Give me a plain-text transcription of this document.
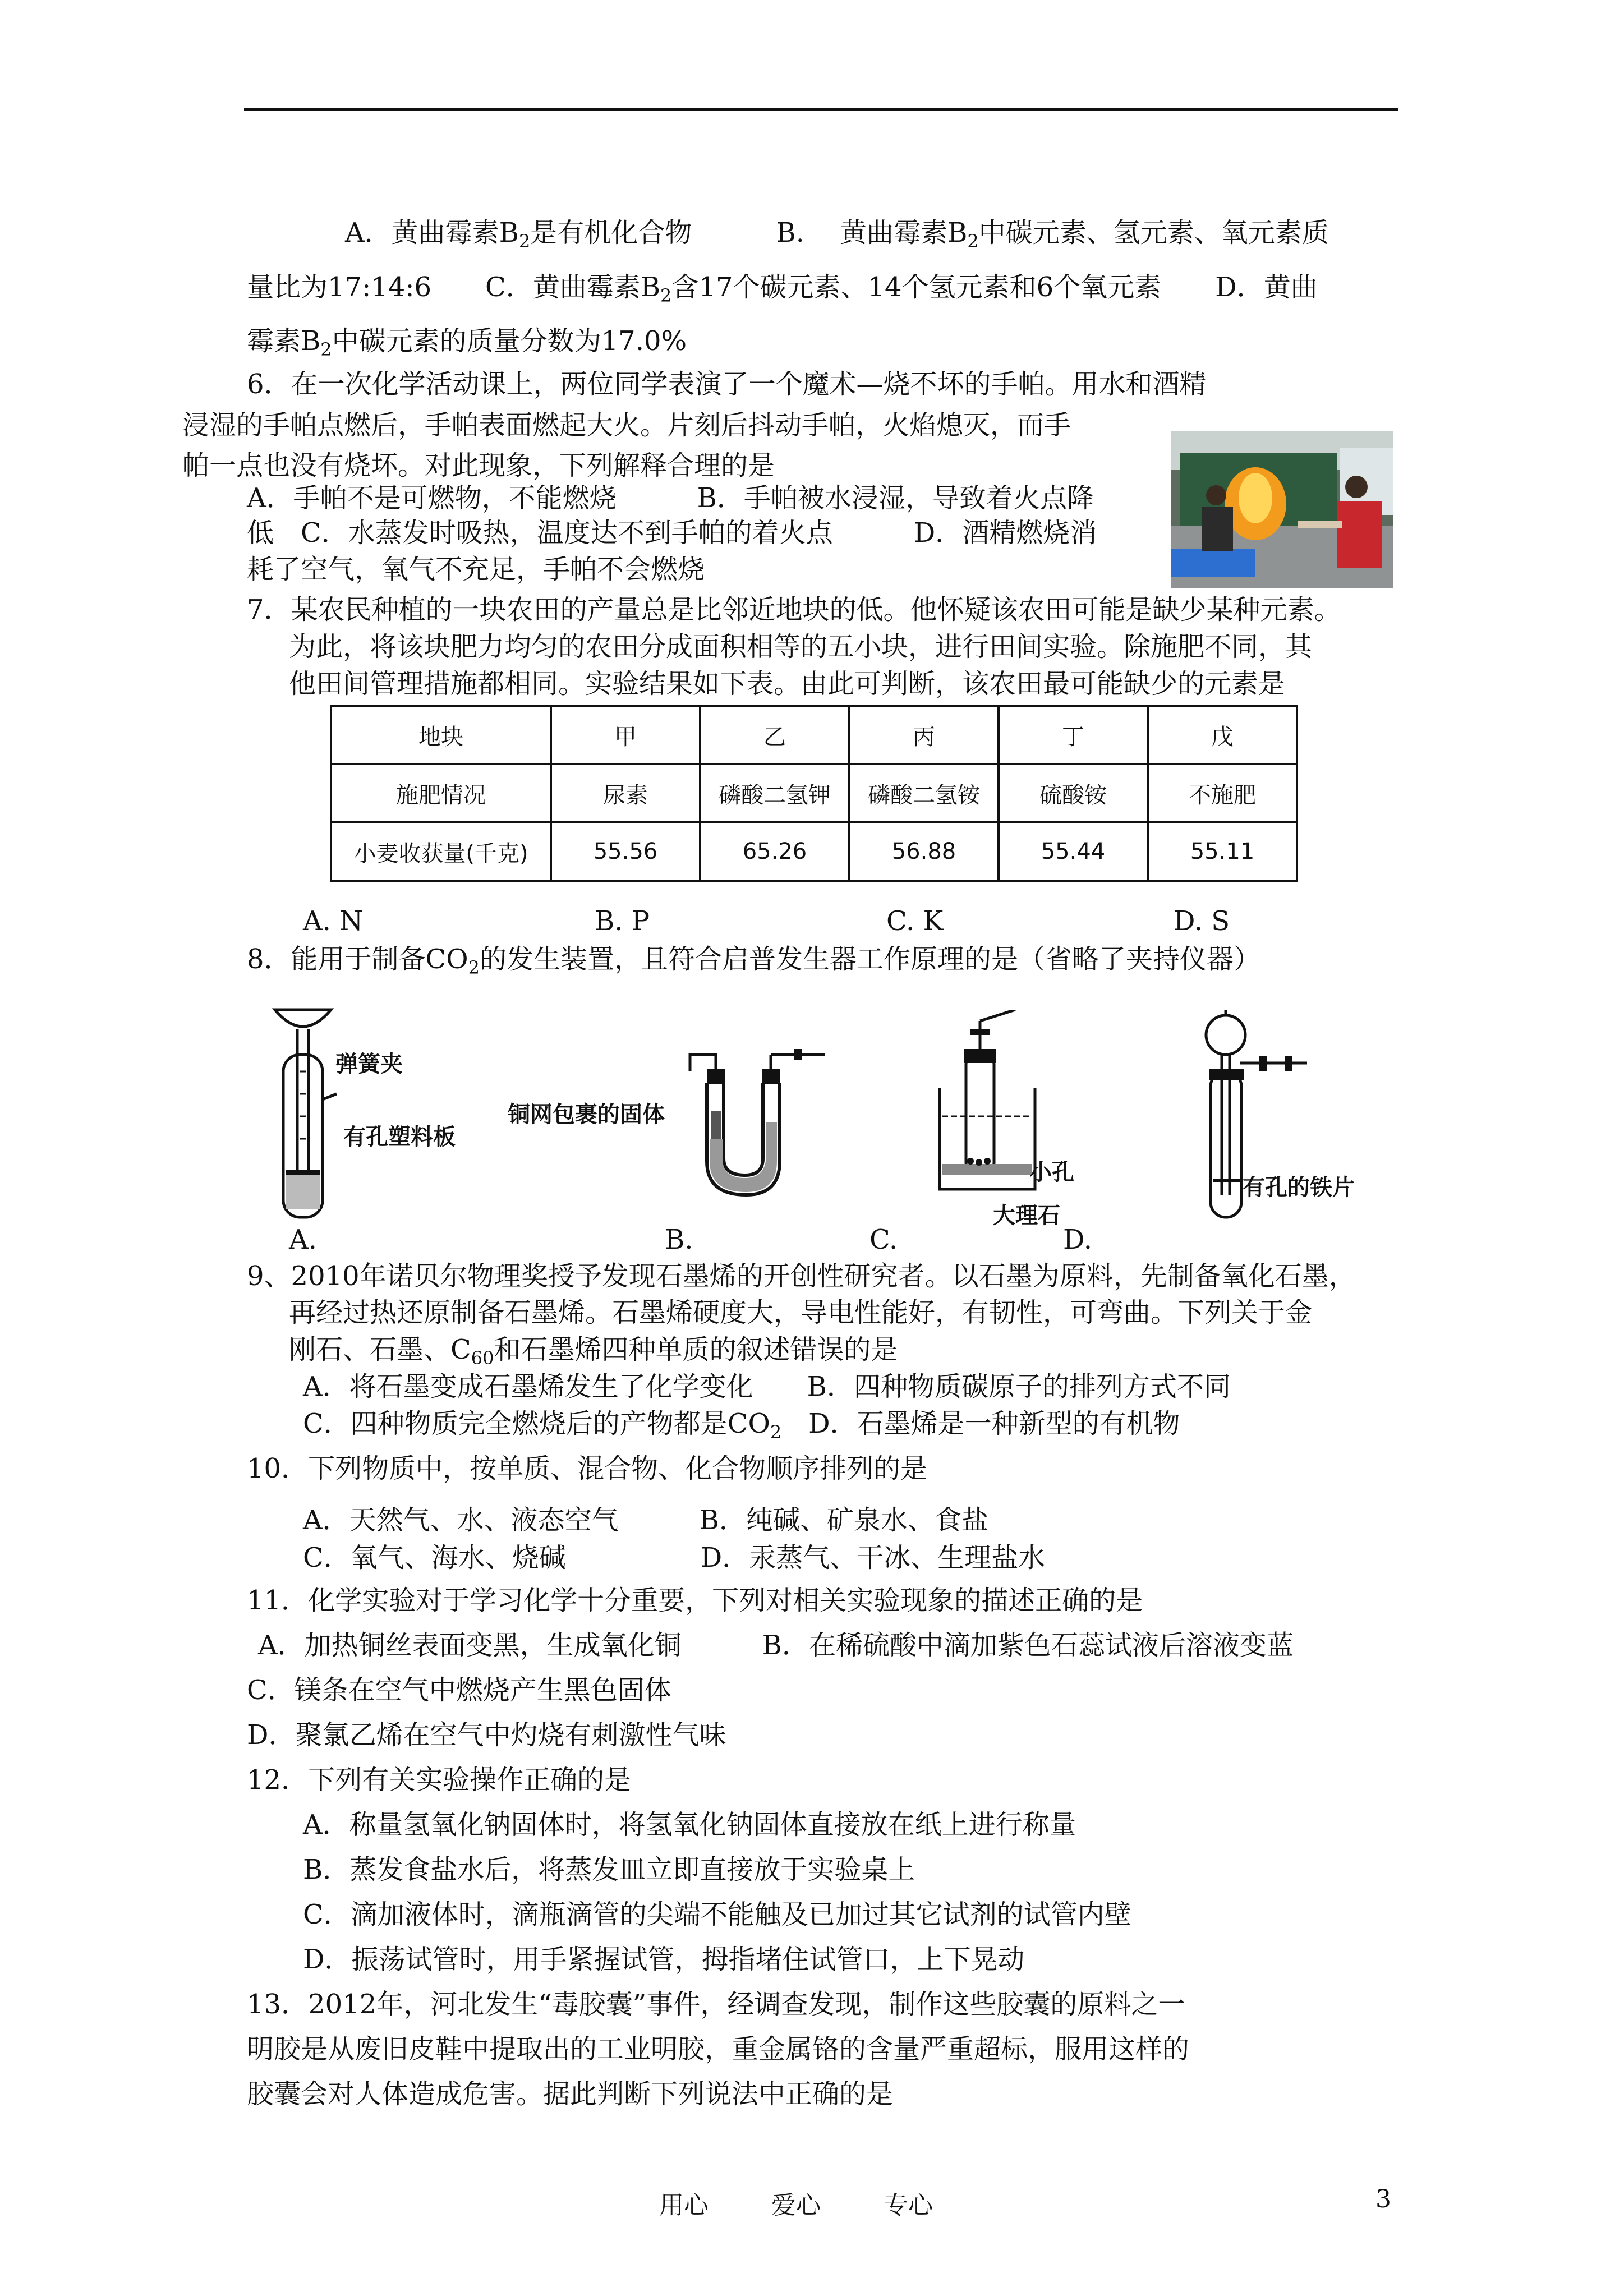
A．黄曲霉素$B_2$是有机化合物	B.　 黄曲霉素$B_2$中碳元素、氢元素、氧元素质
量比为17:14:6　　C．黄曲霉素$B_2$含17个碳元素、14个氢元素和6个氧元素　　D．黄曲
霉素$B_2$中碳元素的质量分数为17.0%
6．在一次化学活动课上，两位同学表演了一个魔术—烧不坏的手帕。用水和酒精
浸湿的手帕点燃后，手帕表面燃起大火。片刻后抖动手帕，火焰熄灭，而手
帕一点也没有烧坏。对此现象，下列解释合理的是
A．手帕不是可燃物，不能燃烧　　　B．手帕被水浸湿，导致着火点降
低　C．水蒸发时吸热，温度达不到手帕的着火点　　　D．酒精燃烧消
耗了空气，氧气不充足，手帕不会燃烧
7．某农民种植的一块农田的产量总是比邻近地块的低。他怀疑该农田可能是缺少某种元素。
为此，将该块肥力均匀的农田分成面积相等的五小块，进行田间实验。除施肥不同，其
他田间管理措施都相同。实验结果如下表。由此可判断，该农田最可能缺少的元素是
地块	甲	乙	丙	丁	戊
施肥情况	尿素	磷酸二氢钾	磷酸二氢铵	硫酸铵	不施肥
小麦收获量(千克)	55.56	65.26	56.88	55.44	55.11
A. N	B. P	C. K	D. S
8．能用于制备$CO_2$的发生装置，且符合启普发生器工作原理的是（省略了夹持仪器）
弹簧夹
有孔塑料板
A.
铜网包裹的固体
B.
小孔
大理石
C.
有孔的铁片
D.
9、2010年诺贝尔物理奖授予发现石墨烯的开创性研究者。以石墨为原料，先制备氧化石墨，
再经过热还原制备石墨烯。石墨烯硬度大，导电性能好，有韧性，可弯曲。下列关于金
刚石、石墨、$C_{60}$和石墨烯四种单质的叙述错误的是
A．将石墨变成石墨烯发生了化学变化　　B．四种物质碳原子的排列方式不同
C．四种物质完全燃烧后的产物都是$CO_2$　D．石墨烯是一种新型的有机物
10．下列物质中，按单质、混合物、化合物顺序排列的是
A．天然气、水、液态空气　　　B．纯碱、矿泉水、食盐
C．氧气、海水、烧碱　　　　　D．汞蒸气、干冰、生理盐水
11．化学实验对于学习化学十分重要，下列对相关实验现象的描述正确的是
A．加热铜丝表面变黑，生成氧化铜　　　B．在稀硫酸中滴加紫色石蕊试液后溶液变蓝
C．镁条在空气中燃烧产生黑色固体
D．聚氯乙烯在空气中灼烧有刺激性气味
12．下列有关实验操作正确的是
A．称量氢氧化钠固体时，将氢氧化钠固体直接放在纸上进行称量
B．蒸发食盐水后，将蒸发皿立即直接放于实验桌上
C．滴加液体时，滴瓶滴管的尖端不能触及已加过其它试剂的试管内壁
D．振荡试管时，用手紧握试管，拇指堵住试管口，上下晃动
13．2012年，河北发生“毒胶囊”事件，经调查发现，制作这些胶囊的原料之一
明胶是从废旧皮鞋中提取出的工业明胶，重金属铬的含量严重超标，服用这样的
胶囊会对人体造成危害。据此判断下列说法中正确的是
用心	爱心	专心	3
